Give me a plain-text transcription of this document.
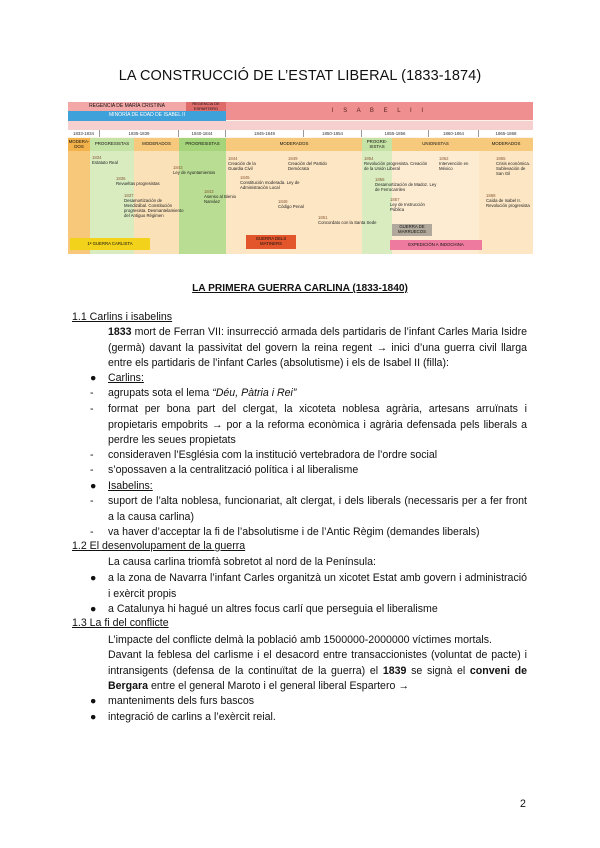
LA CONSTRUCCIÓ DE L’ESTAT LIBERAL (1833-1874)
REGENCIA DE MARÍA CRISTINA	REGENCIA DE ESPARTERO	I S A B E L I I
MINORÍA DE EDAD DE ISABEL II
1833-1834	1835-1839	1840-1844	1845-1849	1850-1854	1855-1856	1860-1864	1865-1868
MODERA-DOS	PROGRESISTAS	MODERADOS	PROGRESISTAS	MODERADOS	PROGRE-SISTAS	UNIONISTAS	MODERADOS
1834
Estatuto Real
1836
Revueltas progresistas
1837
Desamortización de Mendizábal. Constitución progresista. Desmantelamiento del Antiguo Régimen
1843
Ley de Ayuntamientos
1843
Asenso al Bienio Narváez
1844
Creación de la Guardia Civil
1845
Constitución moderada. Ley de Administración Local
1849
Creación del Partido Demócrata
1848
Código Penal
1851
Concordato con la Santa Sede
1854
Revolución progresista. Creación de la Unión Liberal
1855
Desamortización de Madoz. Ley de Ferrocarriles
1857
Ley de Instrucción Pública
1862
Intervención en México
1865
Crisis económica. Sublevación de San Gil
1868
Caída de Isabel II. Revolución progresista
1ª GUERRA CARLISTA
GUERRA DELS MATINERS
GUERRA DE MARRUECOS
EXPEDICIÓN A INDOCHINA
LA PRIMERA GUERRA CARLINA (1833-1840)
1.1 Carlins i isabelins
1833 mort de Ferran VII: insurrecció armada dels partidaris de l’infant Carles Maria Isidre (germà) davant la passivitat del govern la reina regent → inici d’una guerra civil llarga entre els partidaris de l’infant Carles (absolutisme) i els de Isabel II (filla):
● Carlins:
- agrupats sota el lema “Déu, Pàtria i Rei”
- format per bona part del clergat, la xicoteta noblesa agrària, artesans arruïnats i propietaris empobrits → por a la reforma econòmica i agrària defensada pels liberals a perdre les seues propietats
- consideraven l’Església com la institució vertebradora de l’ordre social
- s’opossaven a la centralització política i al liberalisme
● Isabelins:
- suport de l’alta noblesa, funcionariat, alt clergat, i dels liberals (necessaris per a fer front a la causa carlina)
- va haver d’acceptar la fi de l’absolutisme i de l’Antic Règim (demandes liberals)
1.2 El desenvolupament de la guerra
La causa carlina triomfà sobretot al nord de la Península:
● a la zona de Navarra l’infant Carles organitzà un xicotet Estat amb govern i administració i exèrcit propis
● a Catalunya hi hagué un altres focus carlí que perseguia el liberalisme
1.3 La fi del conflicte
L’impacte del conflicte delmà la població amb 1500000-2000000 víctimes mortals.
Davant la feblesa del carlisme i el desacord entre transaccionistes (voluntat de pacte) i intransigents (defensa de la continuïtat de la guerra) el 1839 se signà el conveni de Bergara entre el general Maroto i el general liberal Espartero →
● manteniments dels furs bascos
● integració de carlins a l’exèrcit reial.
2
